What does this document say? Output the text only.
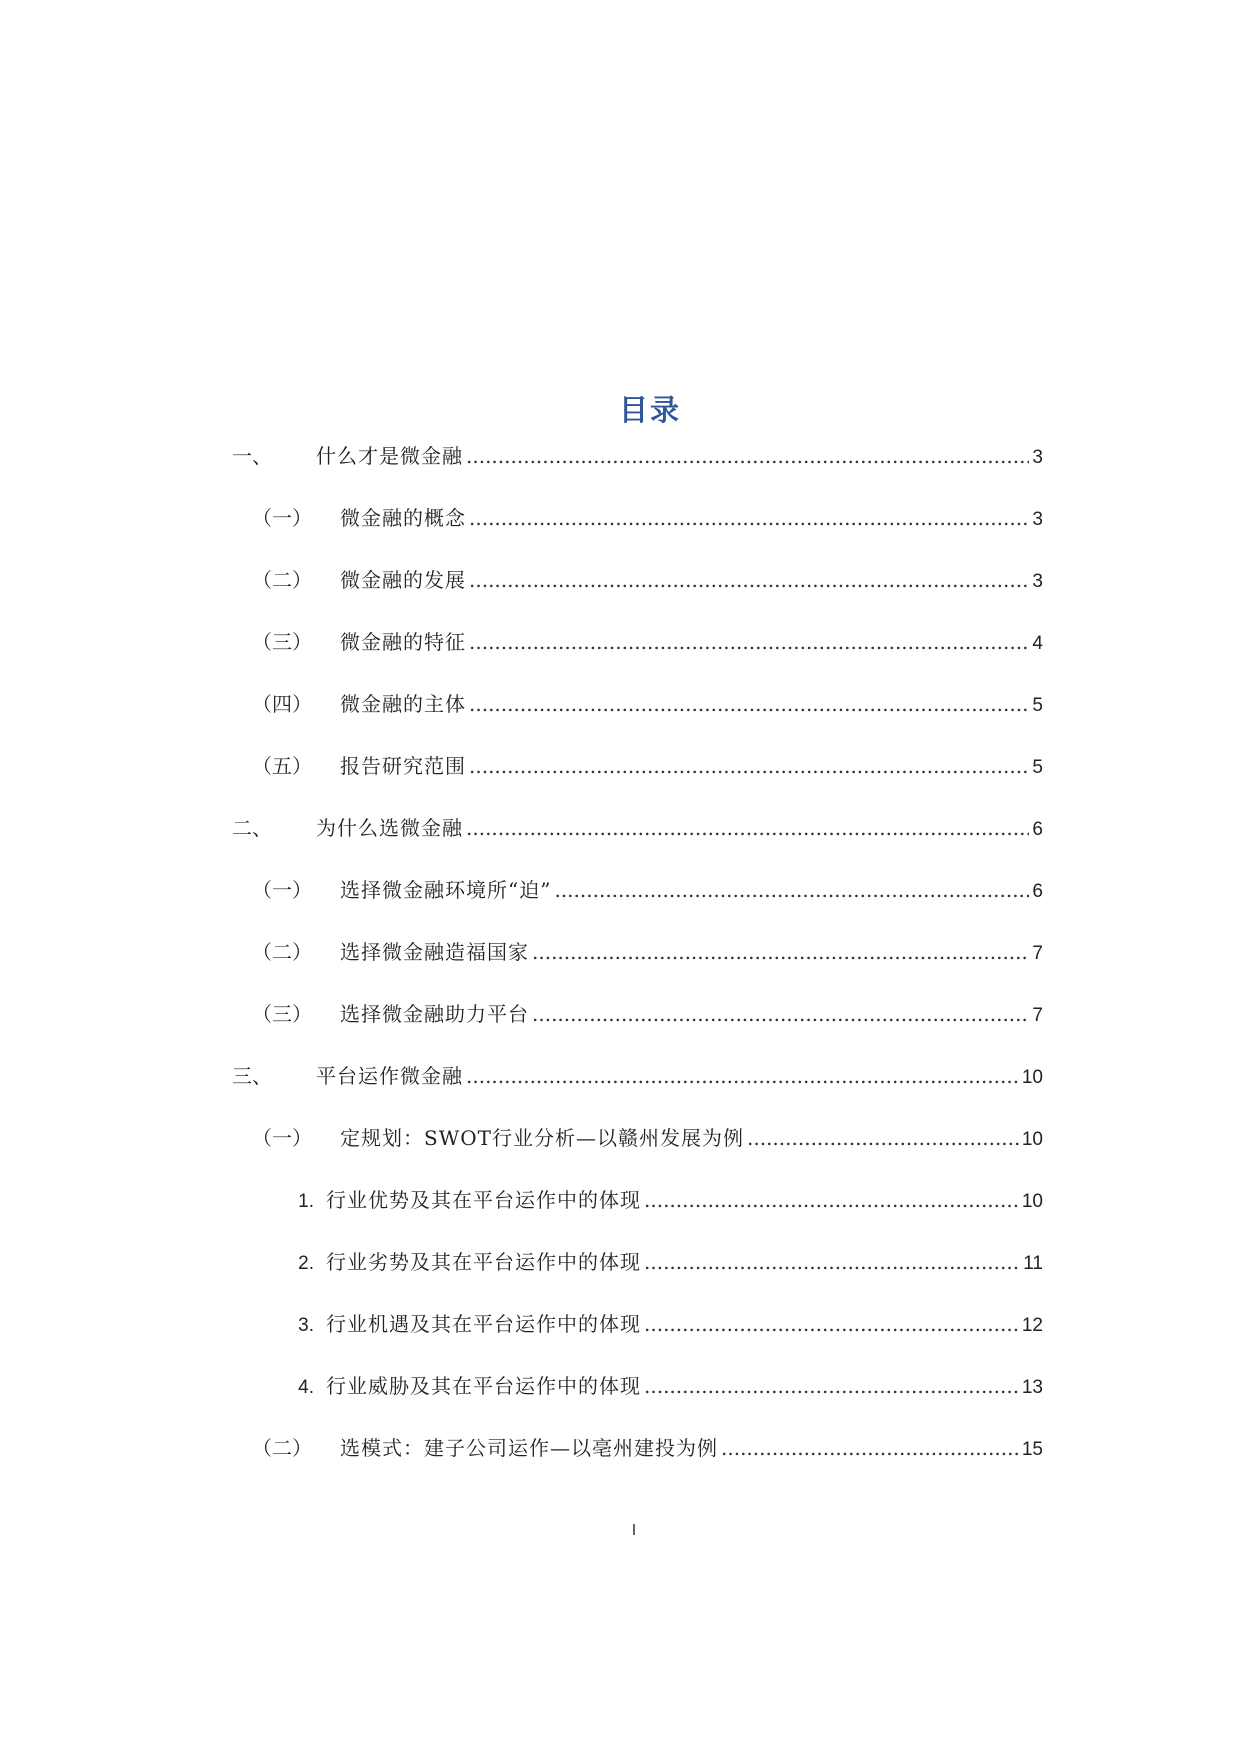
目录
一、	什么才是微金融 .....	3
（一）	微金融的概念 .....	3
（二）	微金融的发展 .....	3
（三）	微金融的特征 .....	4
（四）	微金融的主体 .....	5
（五）	报告研究范围 .....	5
二、	为什么选微金融 .....	6
（一）	选择微金融环境所“迫” .....	6
（二）	选择微金融造福国家 .....	7
（三）	选择微金融助力平台 .....	7
三、	平台运作微金融 .....	10
（一）	定规划：SWOT行业分析—以赣州发展为例 .....	10
1. 行业优势及其在平台运作中的体现 .....	10
2. 行业劣势及其在平台运作中的体现 .....	11
3. 行业机遇及其在平台运作中的体现 .....	12
4. 行业威胁及其在平台运作中的体现 .....	13
（二）	选模式：建子公司运作—以亳州建投为例 .....	15
I
